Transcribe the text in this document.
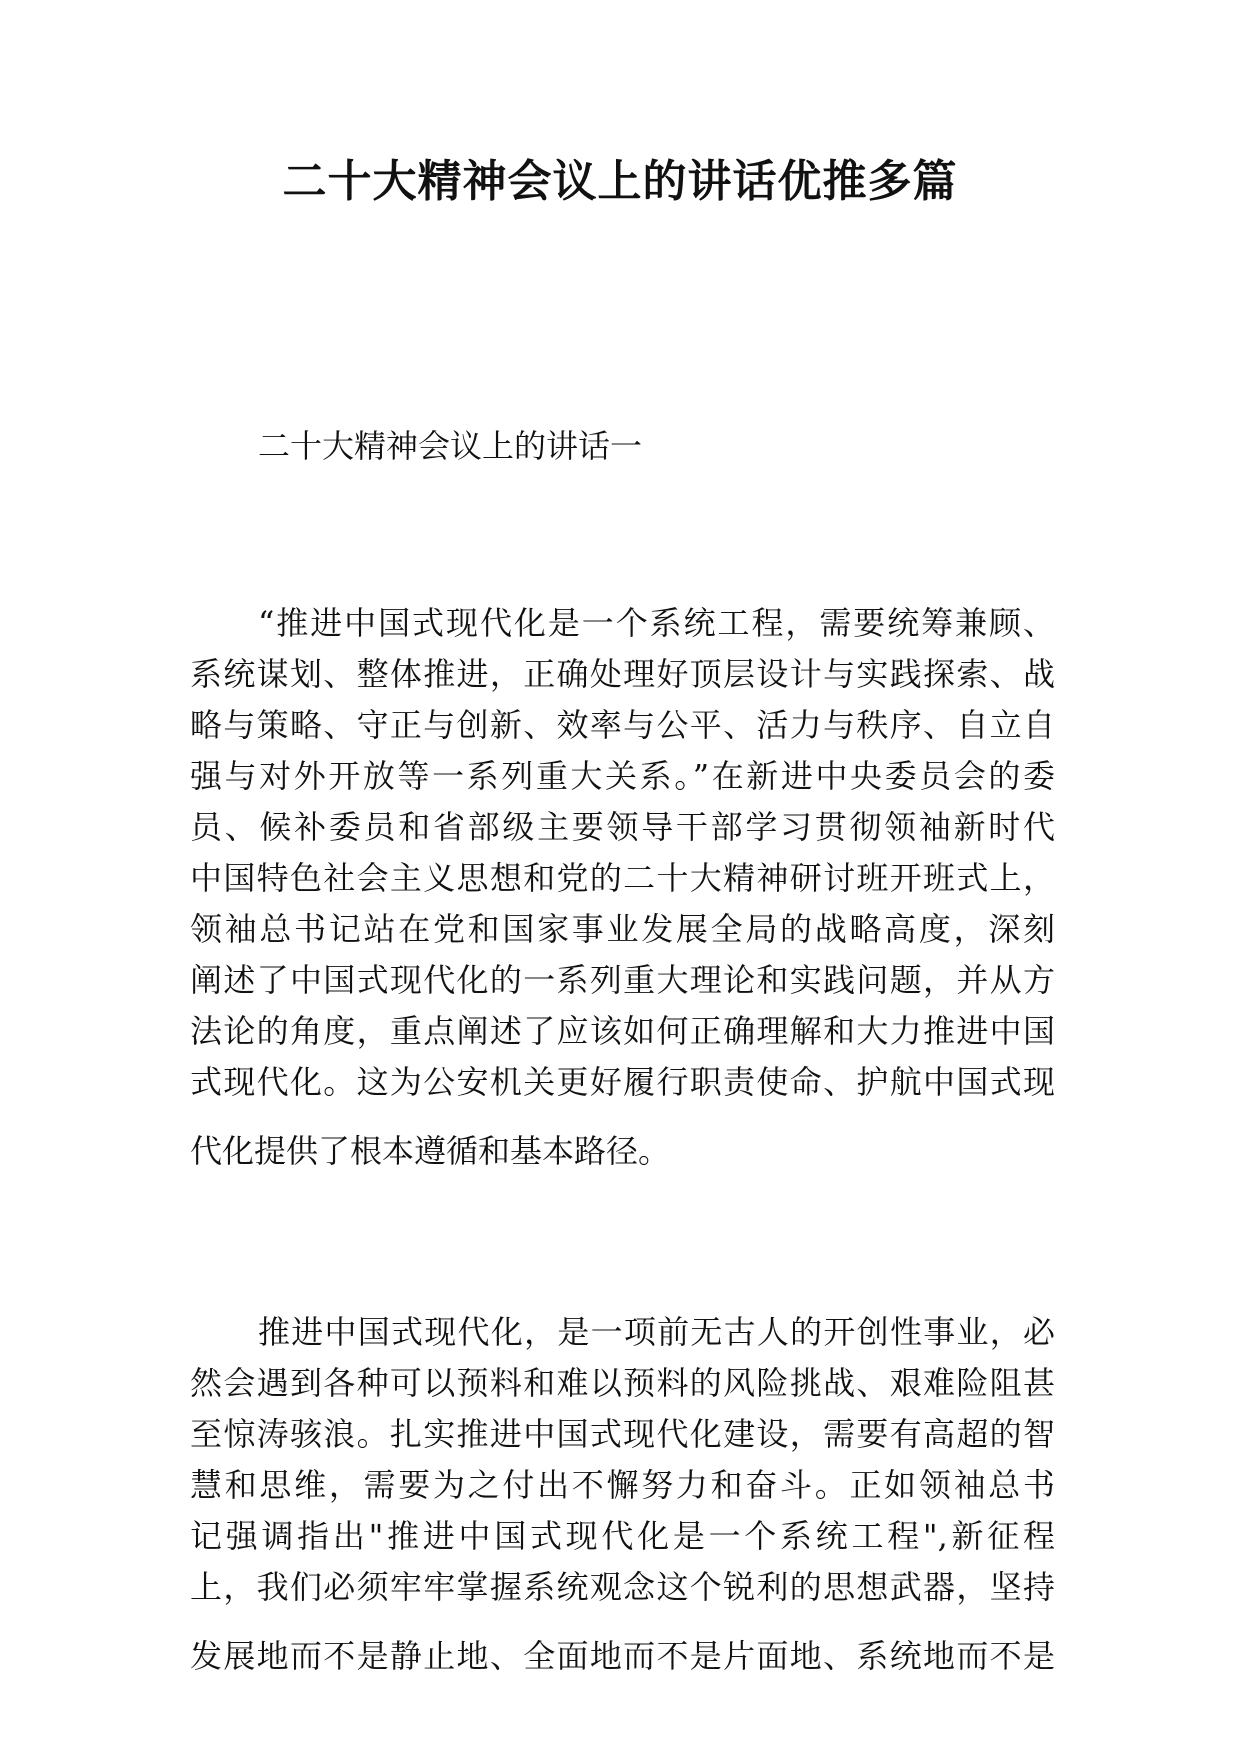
二十大精神会议上的讲话优推多篇

二十大精神会议上的讲话一

“推进中国式现代化是一个系统工程，需要统筹兼顾、
系统谋划、整体推进，正确处理好顶层设计与实践探索、战
略与策略、守正与创新、效率与公平、活力与秩序、自立自
强与对外开放等一系列重大关系。”在新进中央委员会的委
员、候补委员和省部级主要领导干部学习贯彻领袖新时代
中国特色社会主义思想和党的二十大精神研讨班开班式上，
领袖总书记站在党和国家事业发展全局的战略高度，深刻
阐述了中国式现代化的一系列重大理论和实践问题，并从方
法论的角度，重点阐述了应该如何正确理解和大力推进中国
式现代化。这为公安机关更好履行职责使命、护航中国式现
代化提供了根本遵循和基本路径。
推进中国式现代化，是一项前无古人的开创性事业，必
然会遇到各种可以预料和难以预料的风险挑战、艰难险阻甚
至惊涛骇浪。扎实推进中国式现代化建设，需要有高超的智
慧和思维，需要为之付出不懈努力和奋斗。正如领袖总书
记强调指出"推进中国式现代化是一个系统工程",新征程
上，我们必须牢牢掌握系统观念这个锐利的思想武器，坚持
发展地而不是静止地、全面地而不是片面地、系统地而不是
